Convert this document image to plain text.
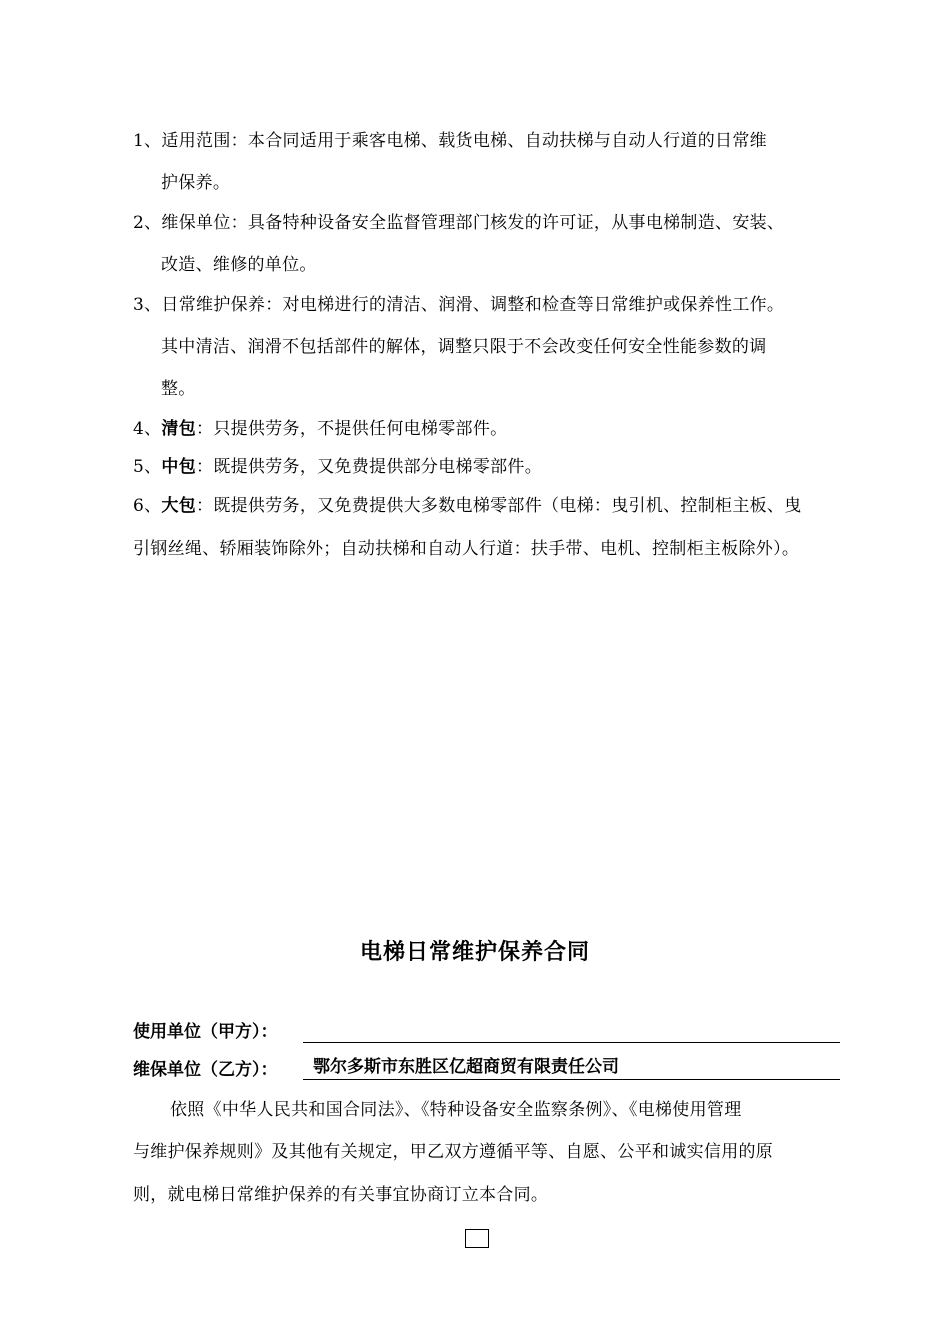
1、适用范围：本合同适用于乘客电梯、载货电梯、自动扶梯与自动人行道的日常维
护保养。
2、维保单位：具备特种设备安全监督管理部门核发的许可证，从事电梯制造、安装、
改造、维修的单位。
3、日常维护保养：对电梯进行的清洁、润滑、调整和检查等日常维护或保养性工作。
其中清洁、润滑不包括部件的解体，调整只限于不会改变任何安全性能参数的调
整。
4、清包：只提供劳务，不提供任何电梯零部件。
5、中包：既提供劳务，又免费提供部分电梯零部件。
6、大包：既提供劳务，又免费提供大多数电梯零部件（电梯：曳引机、控制柜主板、曳
引钢丝绳、轿厢装饰除外；自动扶梯和自动人行道：扶手带、电机、控制柜主板除外）。
电梯日常维护保养合同
使用单位（甲方）：
维保单位（乙方）： 鄂尔多斯市东胜区亿超商贸有限责任公司
依照《中华人民共和国合同法》、《特种设备安全监察条例》、《电梯使用管理
与维护保养规则》及其他有关规定，甲乙双方遵循平等、自愿、公平和诚实信用的原
则，就电梯日常维护保养的有关事宜协商订立本合同。
